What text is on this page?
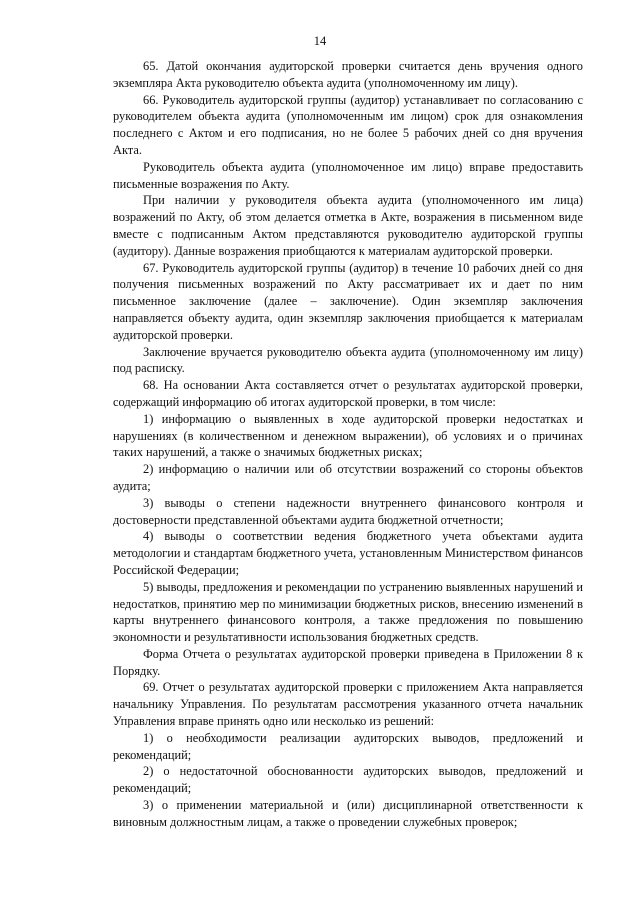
14

65. Датой окончания аудиторской проверки считается день вручения одного экземпляра Акта руководителю объекта аудита (уполномоченному им лицу).

66. Руководитель аудиторской группы (аудитор) устанавливает по согласованию с руководителем объекта аудита (уполномоченным им лицом) срок для ознакомления последнего с Актом и его подписания, но не более 5 рабочих дней со дня вручения Акта.

Руководитель объекта аудита (уполномоченное им лицо) вправе предоставить письменные возражения по Акту.

При наличии у руководителя объекта аудита (уполномоченного им лица) возражений по Акту, об этом делается отметка в Акте, возражения в письменном виде вместе с подписанным Актом представляются руководителю аудиторской группы (аудитору). Данные возражения приобщаются к материалам аудиторской проверки.

67. Руководитель аудиторской группы (аудитор) в течение 10 рабочих дней со дня получения письменных возражений по Акту рассматривает их и дает по ним письменное заключение (далее – заключение). Один экземпляр заключения направляется объекту аудита, один экземпляр заключения приобщается к материалам аудиторской проверки.

Заключение вручается руководителю объекта аудита (уполномоченному им лицу) под расписку.

68. На основании Акта составляется отчет о результатах аудиторской проверки, содержащий информацию об итогах аудиторской проверки, в том числе:

1) информацию о выявленных в ходе аудиторской проверки недостатках и нарушениях (в количественном и денежном выражении), об условиях и о причинах таких нарушений, а также о значимых бюджетных рисках;

2) информацию о наличии или об отсутствии возражений со стороны объектов аудита;

3) выводы о степени надежности внутреннего финансового контроля и достоверности представленной объектами аудита бюджетной отчетности;

4) выводы о соответствии ведения бюджетного учета объектами аудита методологии и стандартам бюджетного учета, установленным Министерством финансов Российской Федерации;

5) выводы, предложения и рекомендации по устранению выявленных нарушений и недостатков, принятию мер по минимизации бюджетных рисков, внесению изменений в карты внутреннего финансового контроля, а также предложения по повышению экономности и результативности использования бюджетных средств.

Форма Отчета о результатах аудиторской проверки приведена в Приложении 8 к Порядку.

69. Отчет о результатах аудиторской проверки с приложением Акта направляется начальнику Управления. По результатам рассмотрения указанного отчета начальник Управления вправе принять одно или несколько из решений:

1) о необходимости реализации аудиторских выводов, предложений и рекомендаций;

2) о недостаточной обоснованности аудиторских выводов, предложений и рекомендаций;

3) о применении материальной и (или) дисциплинарной ответственности к виновным должностным лицам, а также о проведении служебных проверок;
